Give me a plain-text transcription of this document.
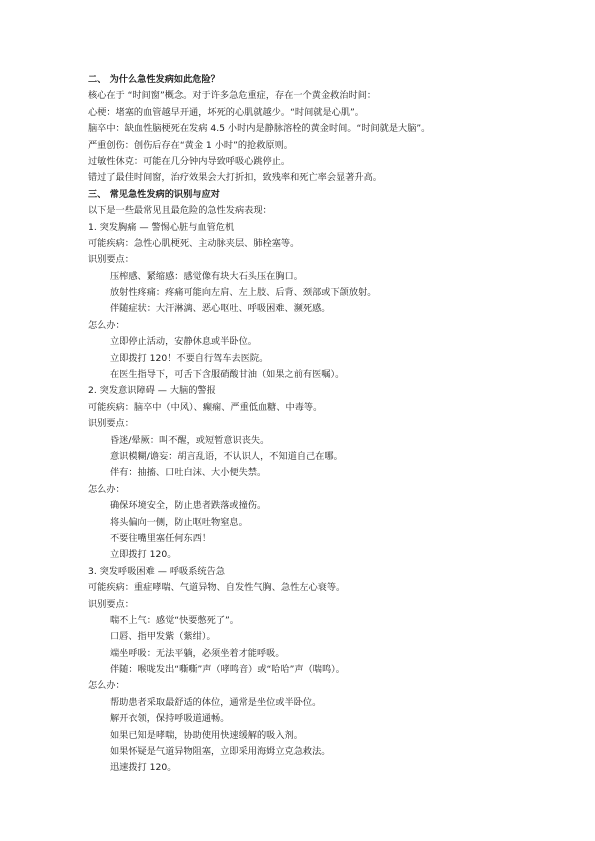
二、 为什么急性发病如此危险？
核心在于 “时间窗”概念。对于许多急危重症，存在一个黄金救治时间：
心梗：堵塞的血管越早开通，坏死的心肌就越少。“时间就是心肌”。
脑卒中：缺血性脑梗死在发病 4.5 小时内是静脉溶栓的黄金时间。“时间就是大脑”。
严重创伤：创伤后存在“黄金 1 小时”的抢救原则。
过敏性休克：可能在几分钟内导致呼吸心跳停止。
错过了最佳时间窗，治疗效果会大打折扣，致残率和死亡率会显著升高。
三、 常见急性发病的识别与应对
以下是一些最常见且最危险的急性发病表现：
1. 突发胸痛 — 警惕心脏与血管危机
可能疾病：急性心肌梗死、主动脉夹层、肺栓塞等。
识别要点：
压榨感、紧缩感：感觉像有块大石头压在胸口。
放射性疼痛：疼痛可能向左肩、左上肢、后背、颈部或下颌放射。
伴随症状：大汗淋漓、恶心呕吐、呼吸困难、濒死感。
怎么办：
立即停止活动，安静休息或半卧位。
立即拨打 120！不要自行驾车去医院。
在医生指导下，可舌下含服硝酸甘油（如果之前有医嘱）。
2. 突发意识障碍 — 大脑的警报
可能疾病：脑卒中（中风）、癫痫、严重低血糖、中毒等。
识别要点：
昏迷/晕厥：叫不醒，或短暂意识丧失。
意识模糊/谵妄：胡言乱语，不认识人，不知道自己在哪。
伴有：抽搐、口吐白沫、大小便失禁。
怎么办：
确保环境安全，防止患者跌落或撞伤。
将头偏向一侧，防止呕吐物窒息。
不要往嘴里塞任何东西！
立即拨打 120。
3. 突发呼吸困难 — 呼吸系统告急
可能疾病：重症哮喘、气道异物、自发性气胸、急性左心衰等。
识别要点：
喘不上气：感觉“快要憋死了”。
口唇、指甲发紫（紫绀）。
端坐呼吸：无法平躺，必须坐着才能呼吸。
伴随：喉咙发出“嘶嘶”声（哮鸣音）或“哈哈”声（喘鸣）。
怎么办：
帮助患者采取最舒适的体位，通常是坐位或半卧位。
解开衣领，保持呼吸道通畅。
如果已知是哮喘，协助使用快速缓解的吸入剂。
如果怀疑是气道异物阻塞，立即采用海姆立克急救法。
迅速拨打 120。
